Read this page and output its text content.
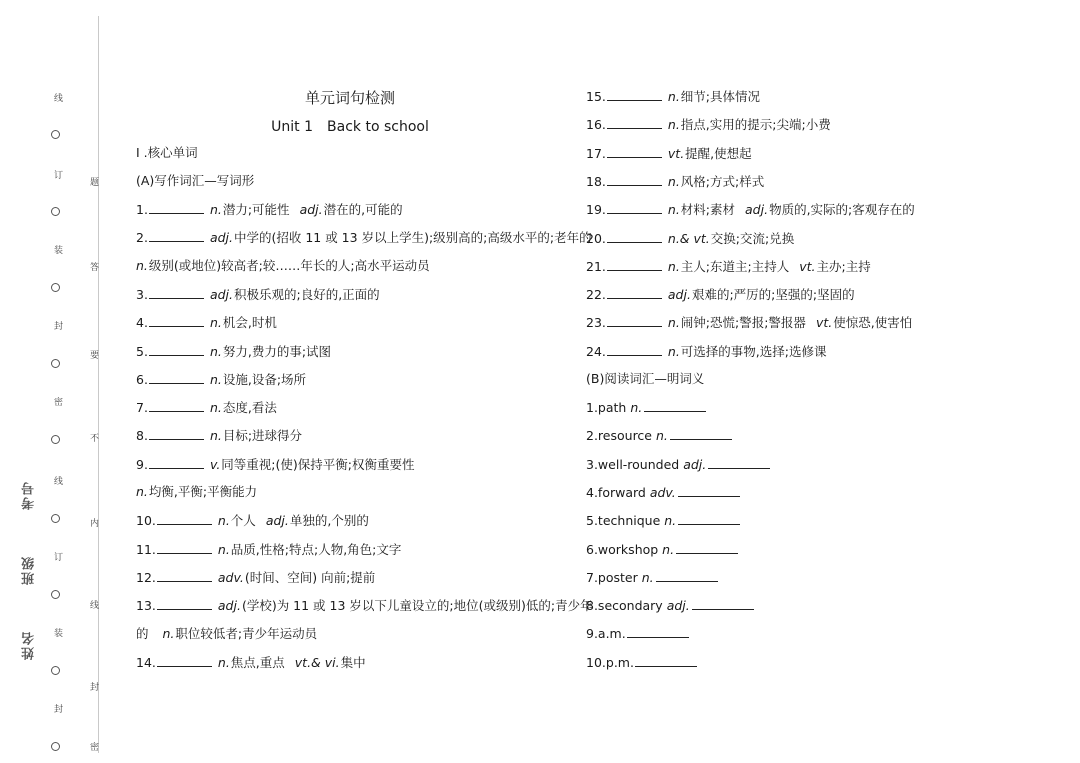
线
订
装
封
密
线
订
装
封
题
答
要
不
内
线
封
密
考号
班级
姓名
单元词句检测
Unit 1　Back to school
Ⅰ .核心单词
(A)写作词汇—写词形
1.	n.潜力;可能性 adj.潜在的,可能的
2.	adj.中学的(招收 11 或 13 岁以上学生);级别高的;高级水平的;老年的
n.级别(或地位)较高者;较……年长的人;高水平运动员
3.	adj.积极乐观的;良好的,正面的
4.	n.机会,时机
5.	n.努力,费力的事;试图
6.	n.设施,设备;场所
7.	n.态度,看法
8.	n.目标;进球得分
9.	v.同等重视;(使)保持平衡;权衡重要性
n.均衡,平衡;平衡能力
10.	n.个人 adj.单独的,个别的
11.	n.品质,性格;特点;人物,角色;文字
12.	adv.(时间、空间) 向前;提前
13.	adj.(学校)为 11 或 13 岁以下儿童设立的;地位(或级别)低的;青少年
的 n.职位较低者;青少年运动员
14.	n.焦点,重点 vt.& vi.集中
15.	n.细节;具体情况
16.	n.指点,实用的提示;尖端;小费
17.	vt.提醒,使想起
18.	n.风格;方式;样式
19.	n.材料;素材 adj.物质的,实际的;客观存在的
20.	n.& vt.交换;交流;兑换
21.	n.主人;东道主;主持人 vt.主办;主持
22.	adj.艰难的;严厉的;坚强的;坚固的
23.	n.闹钟;恐慌;警报;警报器 vt.使惊恐,使害怕
24.	n.可选择的事物,选择;选修课
(B)阅读词汇—明词义
1.path n.
2.resource n.
3.well-rounded adj.
4.forward adv.
5.technique n.
6.workshop n.
7.poster n.
8.secondary adj.
9.a.m.
10.p.m.
